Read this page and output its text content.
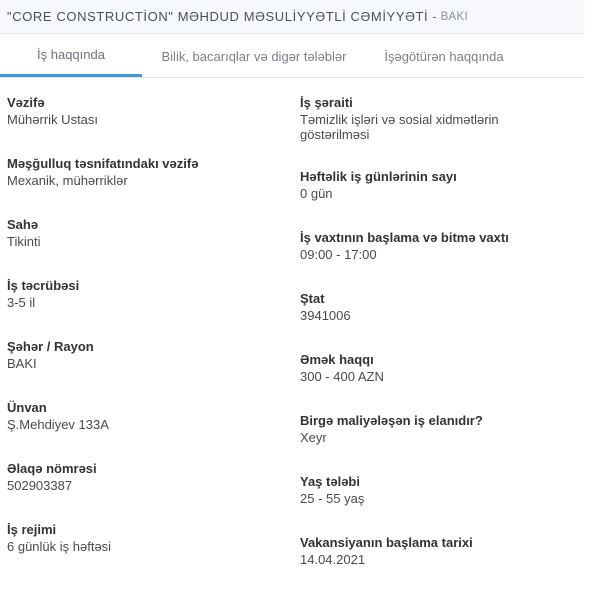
"CORE CONSTRUCTİON" MƏHDUD MƏSULİYYƏTLİ CƏMİYYƏTİ - BAKI
İş haqqında	Bilik, bacarıqlar və digər tələblər	İşəgötürən haqqında
Vəzifə
Mühərrik Ustası
Məşğulluq təsnifatındakı vəzifə
Mexanik, mühərriklər
Sahə
Tikinti
İş təcrübəsi
3-5 il
Şəhər / Rayon
BAKI
Ünvan
Ş.Mehdiyev 133A
Əlaqə nömrəsi
502903387
İş rejimi
6 günlük iş həftəsi
İş şəraiti
Təmizlik işləri və sosial xidmətlərin göstərilməsi
Həftəlik iş günlərinin sayı
0 gün
İş vaxtının başlama və bitmə vaxtı
09:00 - 17:00
Ştat
3941006
Əmək haqqı
300 - 400 AZN
Birgə maliyələşən iş elanıdır?
Xeyr
Yaş tələbi
25 - 55 yaş
Vakansiyanın başlama tarixi
14.04.2021
